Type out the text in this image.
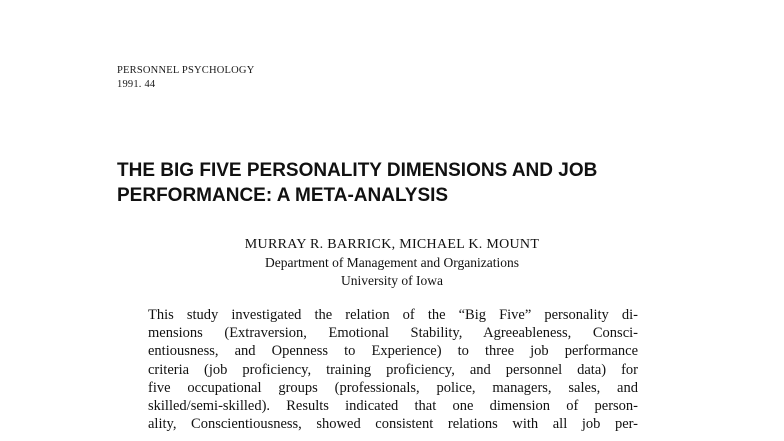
PERSONNEL PSYCHOLOGY
1991. 44
THE BIG FIVE PERSONALITY DIMENSIONS AND JOB
PERFORMANCE: A META-ANALYSIS
MURRAY R. BARRICK, MICHAEL K. MOUNT
Department of Management and Organizations
University of Iowa
This study investigated the relation of the “Big Five” personality di-
mensions (Extraversion, Emotional Stability, Agreeableness, Consci-
entiousness, and Openness to Experience) to three job performance
criteria (job proficiency, training proficiency, and personnel data) for
five occupational groups (professionals, police, managers, sales, and
skilled/semi-skilled). Results indicated that one dimension of person-
ality, Conscientiousness, showed consistent relations with all job per-
